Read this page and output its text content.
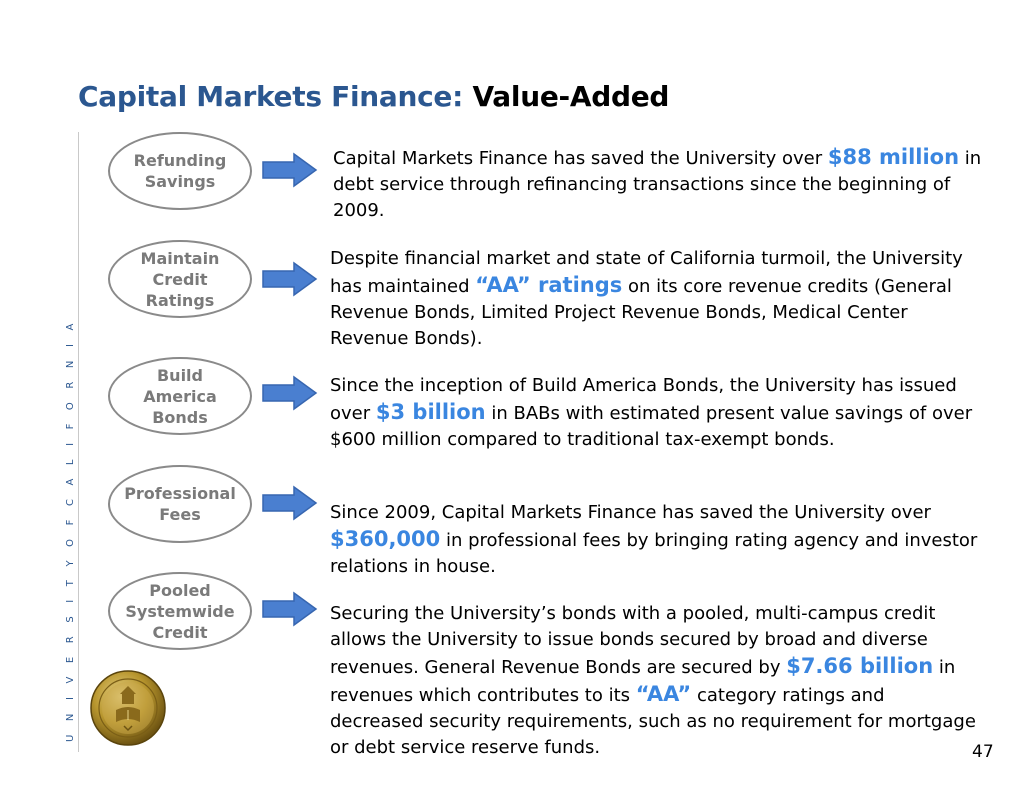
Capital Markets Finance: Value-Added
U N I V E R S I T Y O F C A L I F O R N I A
Refunding
Savings
Capital Markets Finance has saved the University over $88 million in debt service through refinancing transactions since the beginning of 2009.
Maintain
Credit
Ratings
Despite financial market and state of California turmoil, the University has maintained “AA” ratings on its core revenue credits (General Revenue Bonds, Limited Project Revenue Bonds, Medical Center Revenue Bonds).
Build
America
Bonds
Since the inception of Build America Bonds, the University has issued over $3 billion in BABs with estimated present value savings of over $600 million compared to traditional tax-exempt bonds.
Professional
Fees	Since 2009, Capital Markets Finance has saved the University over $360,000 in professional fees by bringing rating agency and investor relations in house.
Pooled
Systemwide
Credit
Securing the University’s bonds with a pooled, multi-campus credit allows the University to issue bonds secured by broad and diverse revenues. General Revenue Bonds are secured by $7.66 billion in revenues which contributes to its “AA” category ratings and decreased security requirements, such as no requirement for mortgage or debt service reserve funds.	47
